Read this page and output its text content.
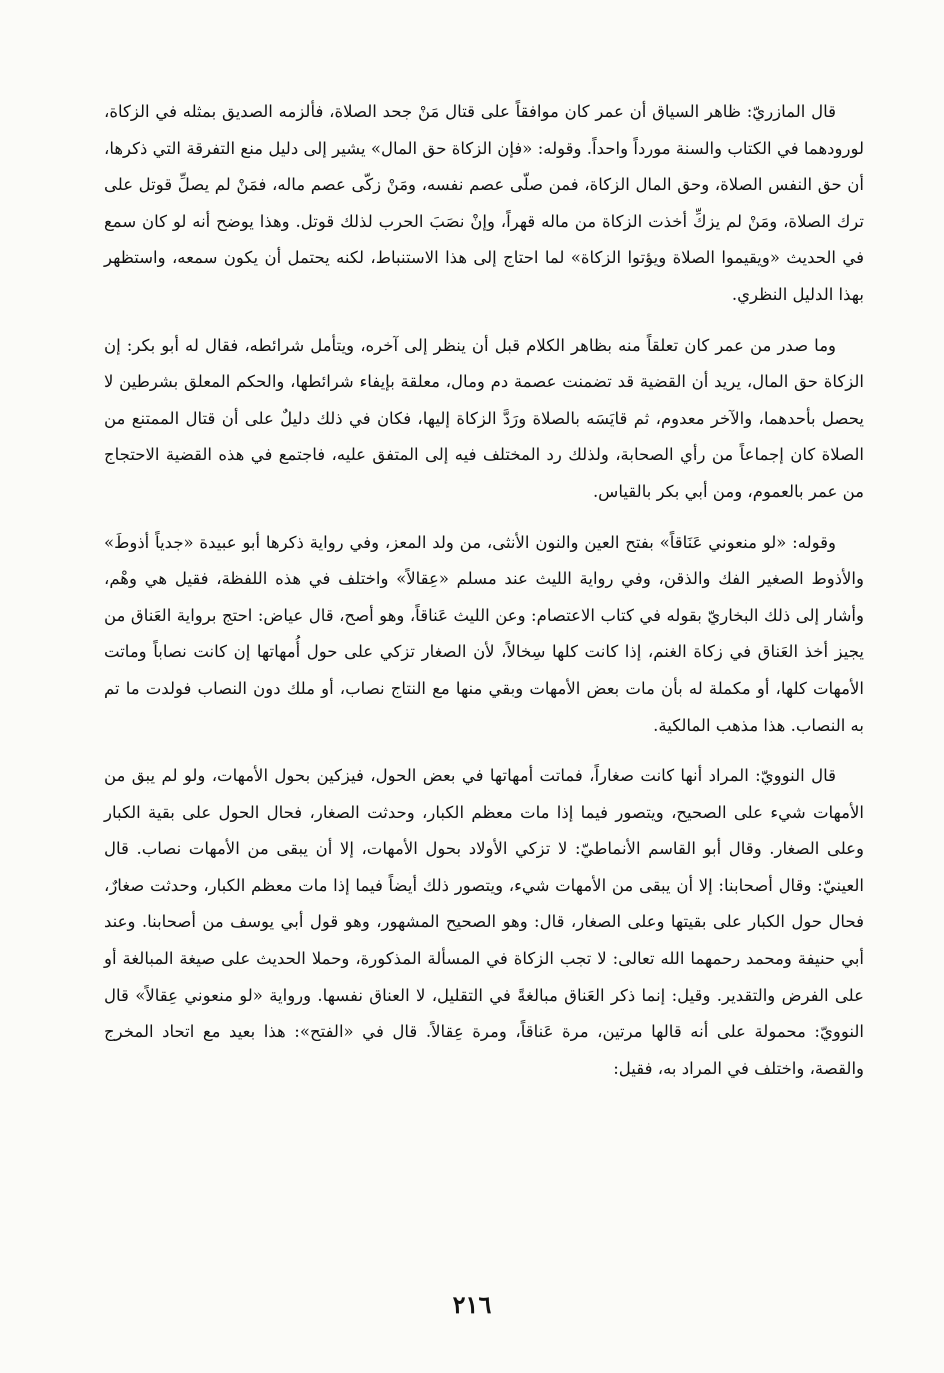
قال المازريّ: ظاهر السياق أن عمر كان موافقاً على قتال مَنْ جحد الصلاة، فألزمه الصديق بمثله في الزكاة، لورودهما في الكتاب والسنة مورداً واحداً. وقوله: «فإن الزكاة حق المال» يشير إلى دليل منع التفرقة التي ذكرها، أن حق النفس الصلاة، وحق المال الزكاة، فمن صلّى عصم نفسه، ومَنْ زكّى عصم ماله، فمَنْ لم يصلِّ قوتل على ترك الصلاة، ومَنْ لم يزكِّ أخذت الزكاة من ماله قهراً، وإنْ نصَبَ الحرب لذلك قوتل. وهذا يوضح أنه لو كان سمع في الحديث «ويقيموا الصلاة ويؤتوا الزكاة» لما احتاج إلى هذا الاستنباط، لكنه يحتمل أن يكون سمعه، واستظهر بهذا الدليل النظري.

وما صدر من عمر كان تعلقاً منه بظاهر الكلام قبل أن ينظر إلى آخره، ويتأمل شرائطه، فقال له أبو بكر: إن الزكاة حق المال، يريد أن القضية قد تضمنت عصمة دم ومال، معلقة بإيفاء شرائطها، والحكم المعلق بشرطين لا يحصل بأحدهما، والآخر معدوم، ثم قايَسَه بالصلاة ورَدَّ الزكاة إليها، فكان في ذلك دليلٌ على أن قتال الممتنع من الصلاة كان إجماعاً من رأي الصحابة، ولذلك رد المختلف فيه إلى المتفق عليه، فاجتمع في هذه القضية الاحتجاج من عمر بالعموم، ومن أبي بكر بالقياس.

وقوله: «لو منعوني عَنَاقاً» بفتح العين والنون الأنثى، من ولد المعز، وفي رواية ذكرها أبو عبيدة «جدياً أذوطَ» والأذوط الصغير الفك والذقن، وفي رواية الليث عند مسلم «عِقالاً» واختلف في هذه اللفظة، فقيل هي وهْم، وأشار إلى ذلك البخاريّ بقوله في كتاب الاعتصام: وعن الليث عَناقاً، وهو أصح، قال عياض: احتج برواية العَناق من يجيز أخذ العَناق في زكاة الغنم، إذا كانت كلها سِخالاً، لأن الصغار تزكي على حول أُمهاتها إن كانت نصاباً وماتت الأمهات كلها، أو مكملة له بأن مات بعض الأمهات وبقي منها مع النتاج نصاب، أو ملك دون النصاب فولدت ما تم به النصاب. هذا مذهب المالكية.

قال النوويّ: المراد أنها كانت صغاراً، فماتت أمهاتها في بعض الحول، فيزكين بحول الأمهات، ولو لم يبق من الأمهات شيء على الصحيح، ويتصور فيما إذا مات معظم الكبار، وحدثت الصغار، فحال الحول على بقية الكبار وعلى الصغار. وقال أبو القاسم الأنماطيّ: لا تزكي الأولاد بحول الأمهات، إلا أن يبقى من الأمهات نصاب. قال العينيّ: وقال أصحابنا: إلا أن يبقى من الأمهات شيء، ويتصور ذلك أيضاً فيما إذا مات معظم الكبار، وحدثت صغارٌ، فحال حول الكبار على بقيتها وعلى الصغار، قال: وهو الصحيح المشهور، وهو قول أبي يوسف من أصحابنا. وعند أبي حنيفة ومحمد رحمهما الله تعالى: لا تجب الزكاة في المسألة المذكورة، وحملا الحديث على صيغة المبالغة أو على الفرض والتقدير. وقيل: إنما ذكر العَناق مبالغةً في التقليل، لا العناق نفسها. ورواية «لو منعوني عِقالاً» قال النوويّ: محمولة على أنه قالها مرتين، مرة عَناقاً، ومرة عِقالاً. قال في «الفتح»: هذا بعيد مع اتحاد المخرج والقصة، واختلف في المراد به، فقيل:

٢١٦
